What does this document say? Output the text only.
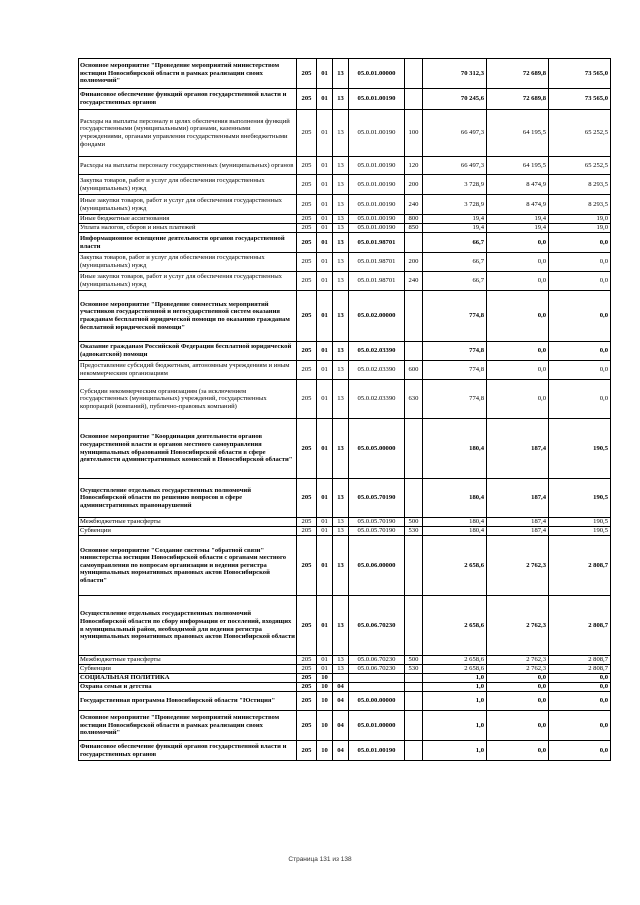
Основное мероприятие "Проведение мероприятий министерством юстиции Новосибирской области в рамках реализации своих полномочий"	205	01	13	05.0.01.00000		70 312,3	72 689,8	73 565,0
Финансовое обеспечение функций органов государственной власти и государственных органов	205	01	13	05.0.01.00190		70 245,6	72 689,8	73 565,0
Расходы на выплаты персоналу в целях обеспечения выполнения функций государственными (муниципальными) органами, казенными учреждениями, органами управления государственными внебюджетными фондами	205	01	13	05.0.01.00190	100	66 497,3	64 195,5	65 252,5
Расходы на выплаты персоналу государственных (муниципальных) органов	205	01	13	05.0.01.00190	120	66 497,3	64 195,5	65 252,5
Закупка товаров, работ и услуг для обеспечения государственных (муниципальных) нужд	205	01	13	05.0.01.00190	200	3 728,9	8 474,9	8 293,5
Иные закупки товаров, работ и услуг для обеспечения государственных (муниципальных) нужд	205	01	13	05.0.01.00190	240	3 728,9	8 474,9	8 293,5
Иные бюджетные ассигнования	205	01	13	05.0.01.00190	800	19,4	19,4	19,0
Уплата налогов, сборов и иных платежей	205	01	13	05.0.01.00190	850	19,4	19,4	19,0
Информационное освещение деятельности органов государственной власти	205	01	13	05.0.01.98701		66,7	0,0	0,0
Закупка товаров, работ и услуг для обеспечения государственных (муниципальных) нужд	205	01	13	05.0.01.98701	200	66,7	0,0	0,0
Иные закупки товаров, работ и услуг для обеспечения государственных (муниципальных) нужд	205	01	13	05.0.01.98701	240	66,7	0,0	0,0
Основное мероприятие "Проведение совместных мероприятий участников государственной и негосударственной систем оказания гражданам бесплатной юридической помощи по оказанию гражданам бесплатной юридической помощи"	205	01	13	05.0.02.00000		774,8	0,0	0,0
Оказание гражданам Российской Федерации бесплатной юридической (адвокатской) помощи	205	01	13	05.0.02.03390		774,8	0,0	0,0
Предоставление субсидий бюджетным, автономным учреждениям и иным некоммерческим организациям	205	01	13	05.0.02.03390	600	774,8	0,0	0,0
Субсидии некоммерческим организациям (за исключением государственных (муниципальных) учреждений, государственных корпораций (компаний), публично-правовых компаний)	205	01	13	05.0.02.03390	630	774,8	0,0	0,0
Основное мероприятие "Координация деятельности органов государственной власти и органов местного самоуправления муниципальных образований Новосибирской области в сфере деятельности административных комиссий в Новосибирской области"	205	01	13	05.0.05.00000		180,4	187,4	190,5
Осуществление отдельных государственных полномочий Новосибирской области по решению вопросов в сфере административных правонарушений	205	01	13	05.0.05.70190		180,4	187,4	190,5
Межбюджетные трансферты	205	01	13	05.0.05.70190	500	180,4	187,4	190,5
Субвенции	205	01	13	05.0.05.70190	530	180,4	187,4	190,5
Основное мероприятие "Создание системы "обратной связи" министерства юстиции Новосибирской области с органами местного самоуправления по вопросам организации и ведения регистра муниципальных нормативных правовых актов Новосибирской области"	205	01	13	05.0.06.00000		2 658,6	2 762,3	2 808,7
Осуществление отдельных государственных полномочий Новосибирской области по сбору информации от поселений, входящих в муниципальный район, необходимой для ведения регистра муниципальных нормативных правовых актов Новосибирской области	205	01	13	05.0.06.70230		2 658,6	2 762,3	2 808,7
Межбюджетные трансферты	205	01	13	05.0.06.70230	500	2 658,6	2 762,3	2 808,7
Субвенции	205	01	13	05.0.06.70230	530	2 658,6	2 762,3	2 808,7
СОЦИАЛЬНАЯ ПОЛИТИКА	205	10				1,0	0,0	0,0
Охрана семьи и детства	205	10	04			1,0	0,0	0,0
Государственная программа Новосибирской области "Юстиция"	205	10	04	05.0.00.00000		1,0	0,0	0,0
Основное мероприятие "Проведение мероприятий министерством юстиции Новосибирской области в рамках реализации своих полномочий"	205	10	04	05.0.01.00000		1,0	0,0	0,0
Финансовое обеспечение функций органов государственной власти и государственных органов	205	10	04	05.0.01.00190		1,0	0,0	0,0
Страница 131 из 138
